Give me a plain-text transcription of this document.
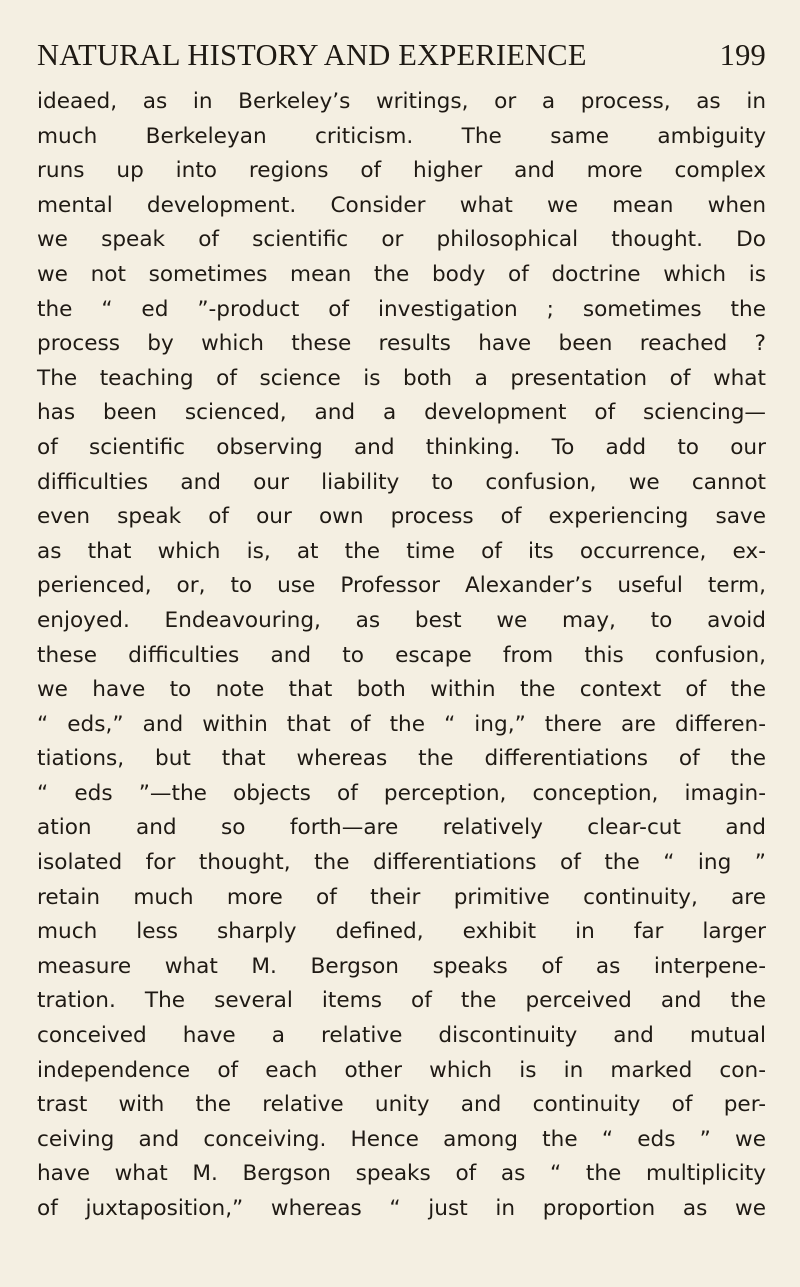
NATURAL HISTORY AND EXPERIENCE	199
ideaed, as in Berkeley’s writings, or a process, as in
much Berkeleyan criticism. The same ambiguity
runs up into regions of higher and more complex
mental development. Consider what we mean when
we speak of scientific or philosophical thought. Do
we not sometimes mean the body of doctrine which is
the “ ed ”-product of investigation ; sometimes the
process by which these results have been reached ?
The teaching of science is both a presentation of what
has been scienced, and a development of sciencing—
of scientific observing and thinking. To add to our
difficulties and our liability to confusion, we cannot
even speak of our own process of experiencing save
as that which is, at the time of its occurrence, ex-
perienced, or, to use Professor Alexander’s useful term,
enjoyed. Endeavouring, as best we may, to avoid
these difficulties and to escape from this confusion,
we have to note that both within the context of the
“ eds,” and within that of the “ ing,” there are differen-
tiations, but that whereas the differentiations of the
“ eds ”—the objects of perception, conception, imagin-
ation and so forth—are relatively clear-cut and
isolated for thought, the differentiations of the “ ing ”
retain much more of their primitive continuity, are
much less sharply defined, exhibit in far larger
measure what M. Bergson speaks of as interpene-
tration. The several items of the perceived and the
conceived have a relative discontinuity and mutual
independence of each other which is in marked con-
trast with the relative unity and continuity of per-
ceiving and conceiving. Hence among the “ eds ” we
have what M. Bergson speaks of as “ the multiplicity
of juxtaposition,” whereas “ just in proportion as we
